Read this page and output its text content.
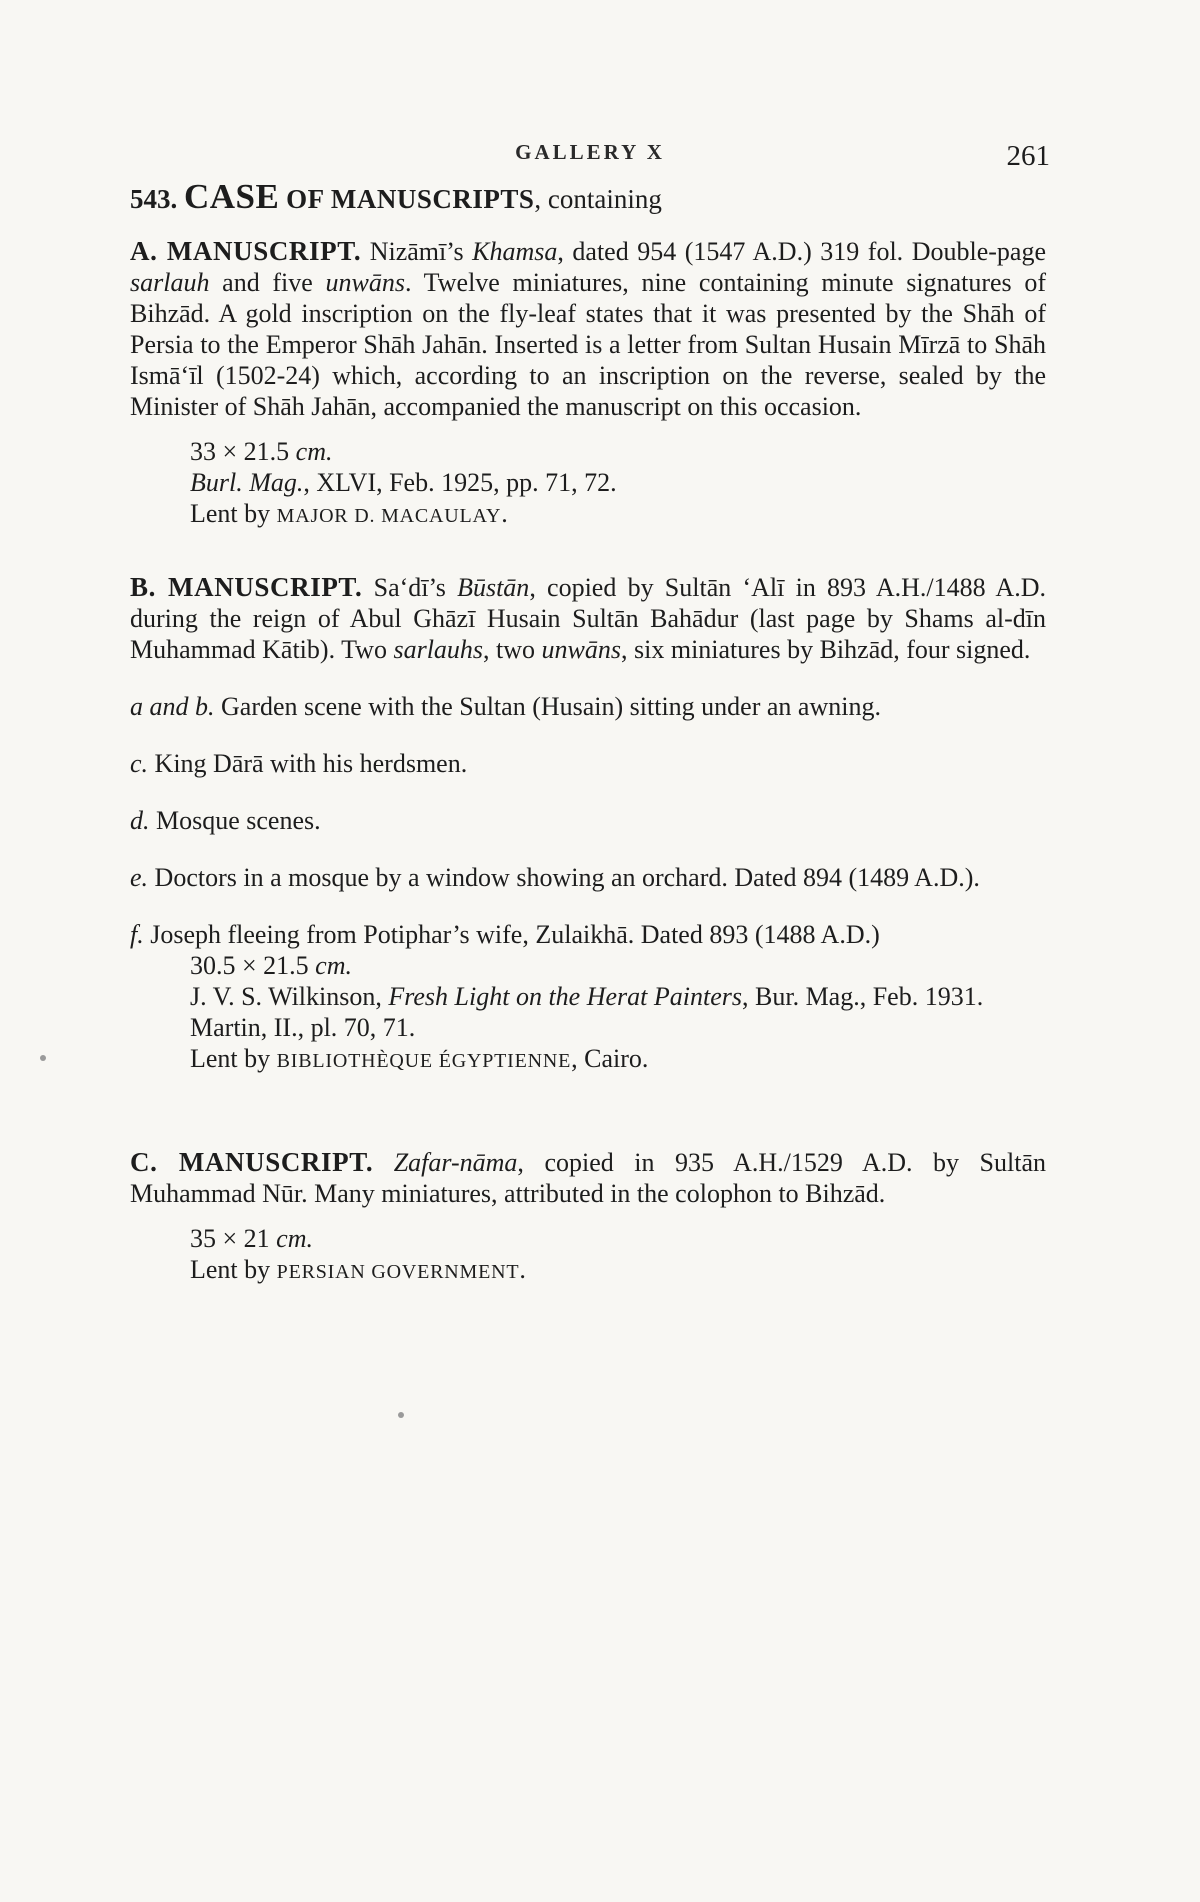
GALLERY X	261

543. CASE OF MANUSCRIPTS, containing

A. MANUSCRIPT. Nizāmī’s Khamsa, dated 954 (1547 A.D.) 319 fol. Double-page sarlauh and five unwāns. Twelve miniatures, nine containing minute signatures of Bihzād. A gold inscription on the fly-leaf states that it was presented by the Shāh of Persia to the Emperor Shāh Jahān. Inserted is a letter from Sultan Husain Mīrzā to Shāh Ismā‘īl (1502-24) which, according to an inscription on the reverse, sealed by the Minister of Shāh Jahān, accompanied the manuscript on this occasion.

33 × 21.5 cm.

Burl. Mag., XLVI, Feb. 1925, pp. 71, 72.

Lent by MAJOR D. MACAULAY.

B. MANUSCRIPT. Sa‘dī’s Būstān, copied by Sultān ‘Alī in 893 A.H./1488 A.D. during the reign of Abul Ghāzī Husain Sultān Bahādur (last page by Shams al-dīn Muhammad Kātib). Two sarlauhs, two unwāns, six miniatures by Bihzād, four signed.

a and b. Garden scene with the Sultan (Husain) sitting under an awning.

c. King Dārā with his herdsmen.

d. Mosque scenes.

e. Doctors in a mosque by a window showing an orchard. Dated 894 (1489 A.D.).

f. Joseph fleeing from Potiphar’s wife, Zulaikhā. Dated 893 (1488 A.D.)

30.5 × 21.5 cm.

J. V. S. Wilkinson, Fresh Light on the Herat Painters, Bur. Mag., Feb. 1931.

Martin, II., pl. 70, 71.

Lent by BIBLIOTHÈQUE ÉGYPTIENNE, Cairo.

C. MANUSCRIPT. Zafar-nāma, copied in 935 A.H./1529 A.D. by Sultān Muhammad Nūr. Many miniatures, attributed in the colophon to Bihzād.

35 × 21 cm.

Lent by PERSIAN GOVERNMENT.
